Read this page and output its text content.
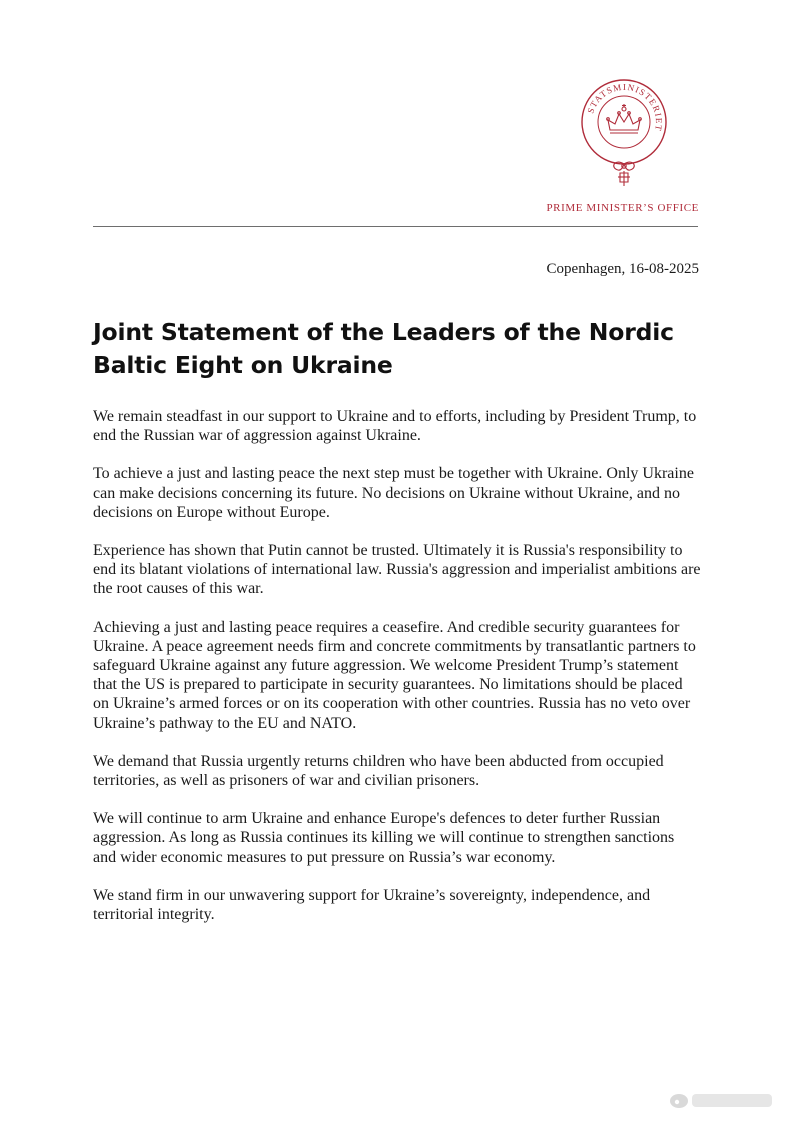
STATSMINISTERIET
PRIME MINISTER’S OFFICE
Copenhagen, 16-08-2025
Joint Statement of the Leaders of the Nordic Baltic Eight on Ukraine

We remain steadfast in our support to Ukraine and to efforts, including by President Trump, to end the Russian war of aggression against Ukraine.

To achieve a just and lasting peace the next step must be together with Ukraine. Only Ukraine can make decisions concerning its future. No decisions on Ukraine without Ukraine, and no decisions on Europe without Europe.

Experience has shown that Putin cannot be trusted. Ultimately it is Russia's responsibility to end its blatant violations of international law. Russia's aggression and imperialist ambitions are the root causes of this war.

Achieving a just and lasting peace requires a ceasefire. And credible security guarantees for Ukraine. A peace agreement needs firm and concrete commitments by transatlantic partners to safeguard Ukraine against any future aggression. We welcome President Trump’s statement that the US is prepared to participate in security guarantees. No limitations should be placed on Ukraine’s armed forces or on its cooperation with other countries. Russia has no veto over Ukraine’s pathway to the EU and NATO.

We demand that Russia urgently returns children who have been abducted from occupied territories, as well as prisoners of war and civilian prisoners.

We will continue to arm Ukraine and enhance Europe's defences to deter further Russian aggression. As long as Russia continues its killing we will continue to strengthen sanctions and wider economic measures to put pressure on Russia’s war economy.

We stand firm in our unwavering support for Ukraine’s sovereignty, independence, and territorial integrity.
